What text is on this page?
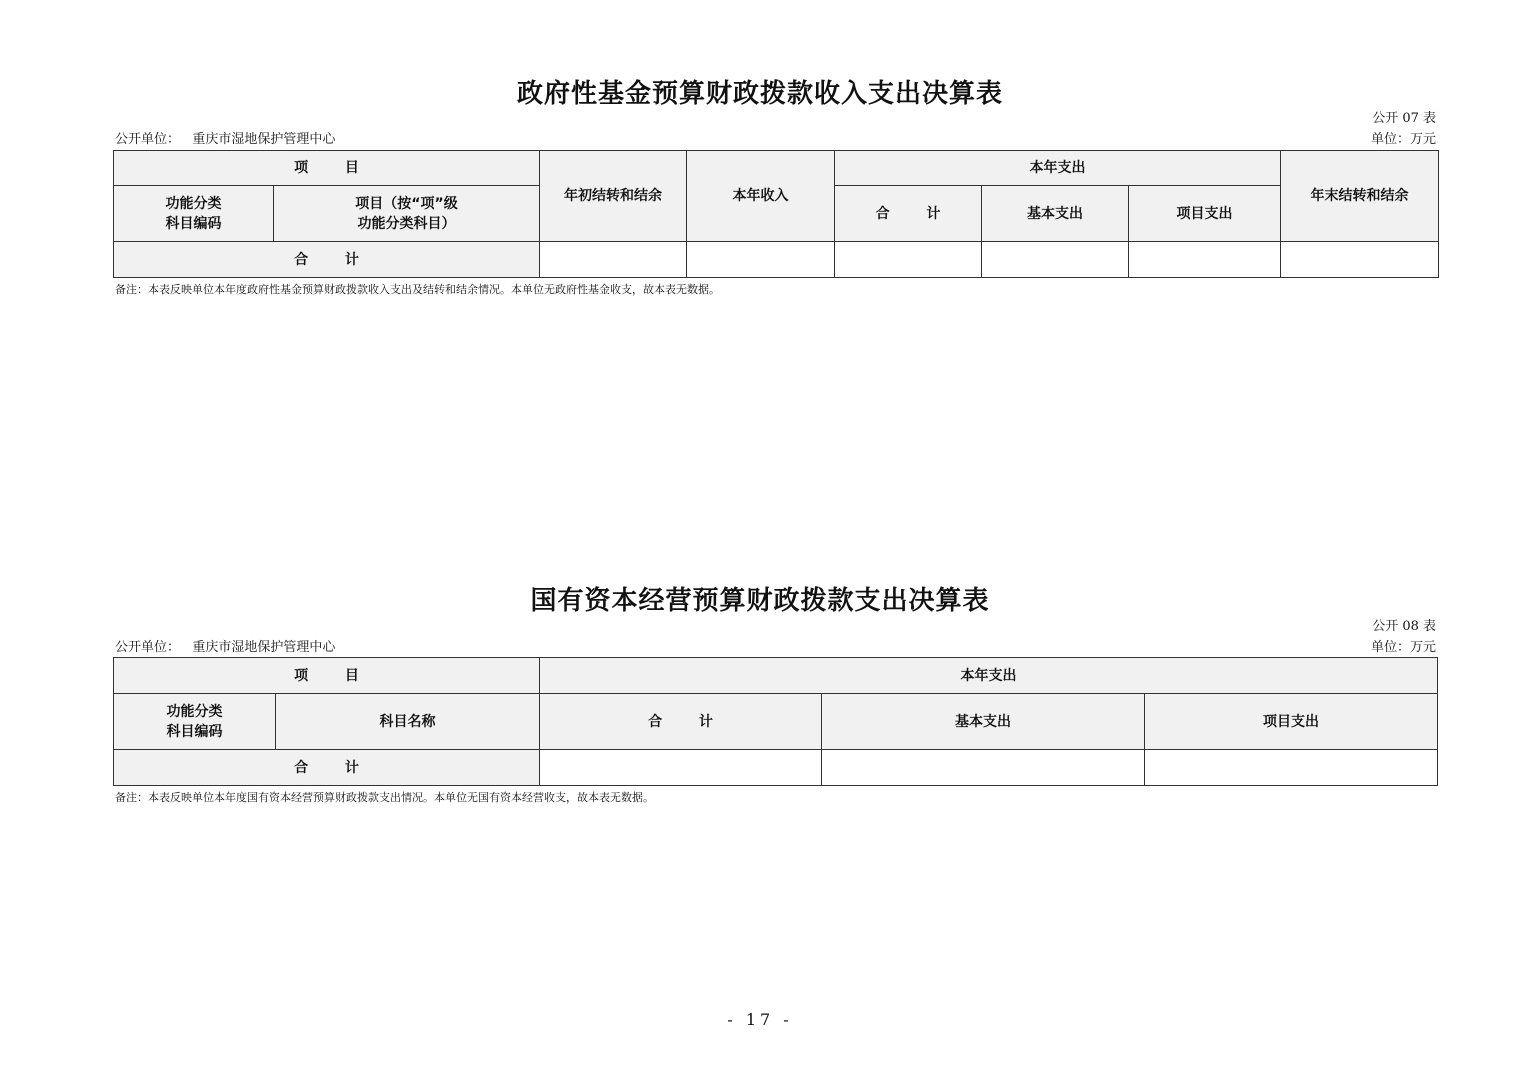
政府性基金预算财政拨款收入支出决算表
公开 07 表
公开单位： 重庆市湿地保护管理中心	单位：万元
项 目		年初结转和结余	本年收入	本年支出			年末结转和结余
功能分类
科目编码	项目（按“项”级
功能分类科目）			合 计	基本支出	项目支出	
合 计							
备注：本表反映单位本年度政府性基金预算财政拨款收入支出及结转和结余情况。本单位无政府性基金收支，故本表无数据。
国有资本经营预算财政拨款支出决算表
公开 08 表
公开单位： 重庆市湿地保护管理中心	单位：万元
项 目		本年支出		
功能分类
科目编码	科目名称	合 计	基本支出	项目支出
合 计				
备注：本表反映单位本年度国有资本经营预算财政拨款支出情况。本单位无国有资本经营收支，故本表无数据。
- 17 -
